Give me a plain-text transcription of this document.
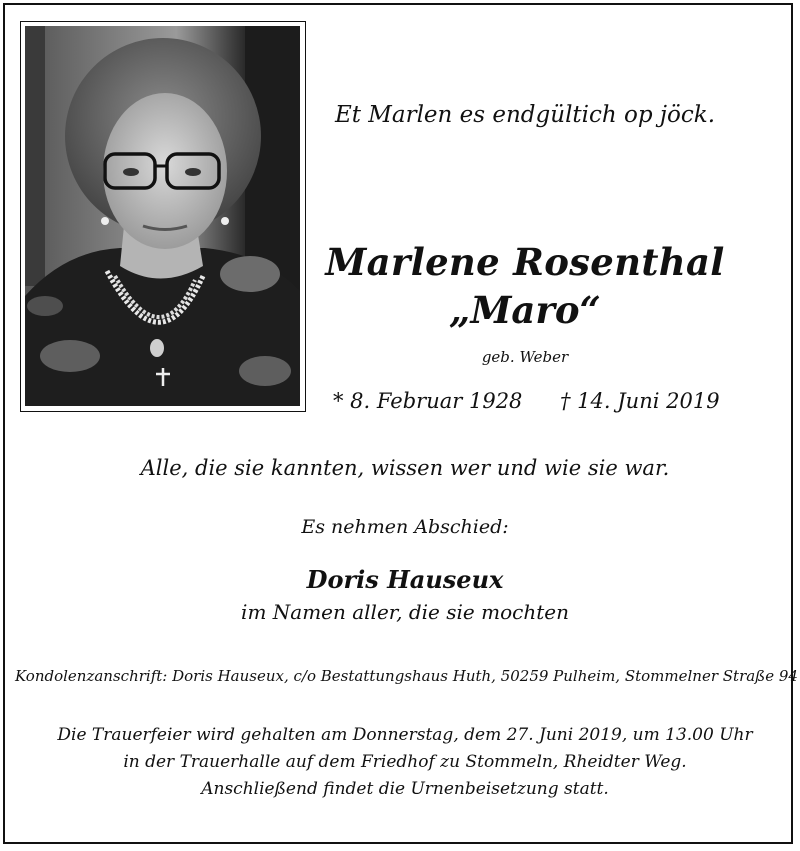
Et Marlen es endgültich op jöck.
Marlene Rosenthal
„Maro“
geb. Weber
* 8. Februar 1928 † 14. Juni 2019
Alle, die sie kannten, wissen wer und wie sie war.
Es nehmen Abschied:
Doris Hauseux
im Namen aller, die sie mochten
Kondolenzanschrift: Doris Hauseux, c/o Bestattungshaus Huth, 50259 Pulheim, Stommelner Straße 94
Die Trauerfeier wird gehalten am Donnerstag, dem 27. Juni 2019, um 13.00 Uhr
in der Trauerhalle auf dem Friedhof zu Stommeln, Rheidter Weg.
Anschließend findet die Urnenbeisetzung statt.
